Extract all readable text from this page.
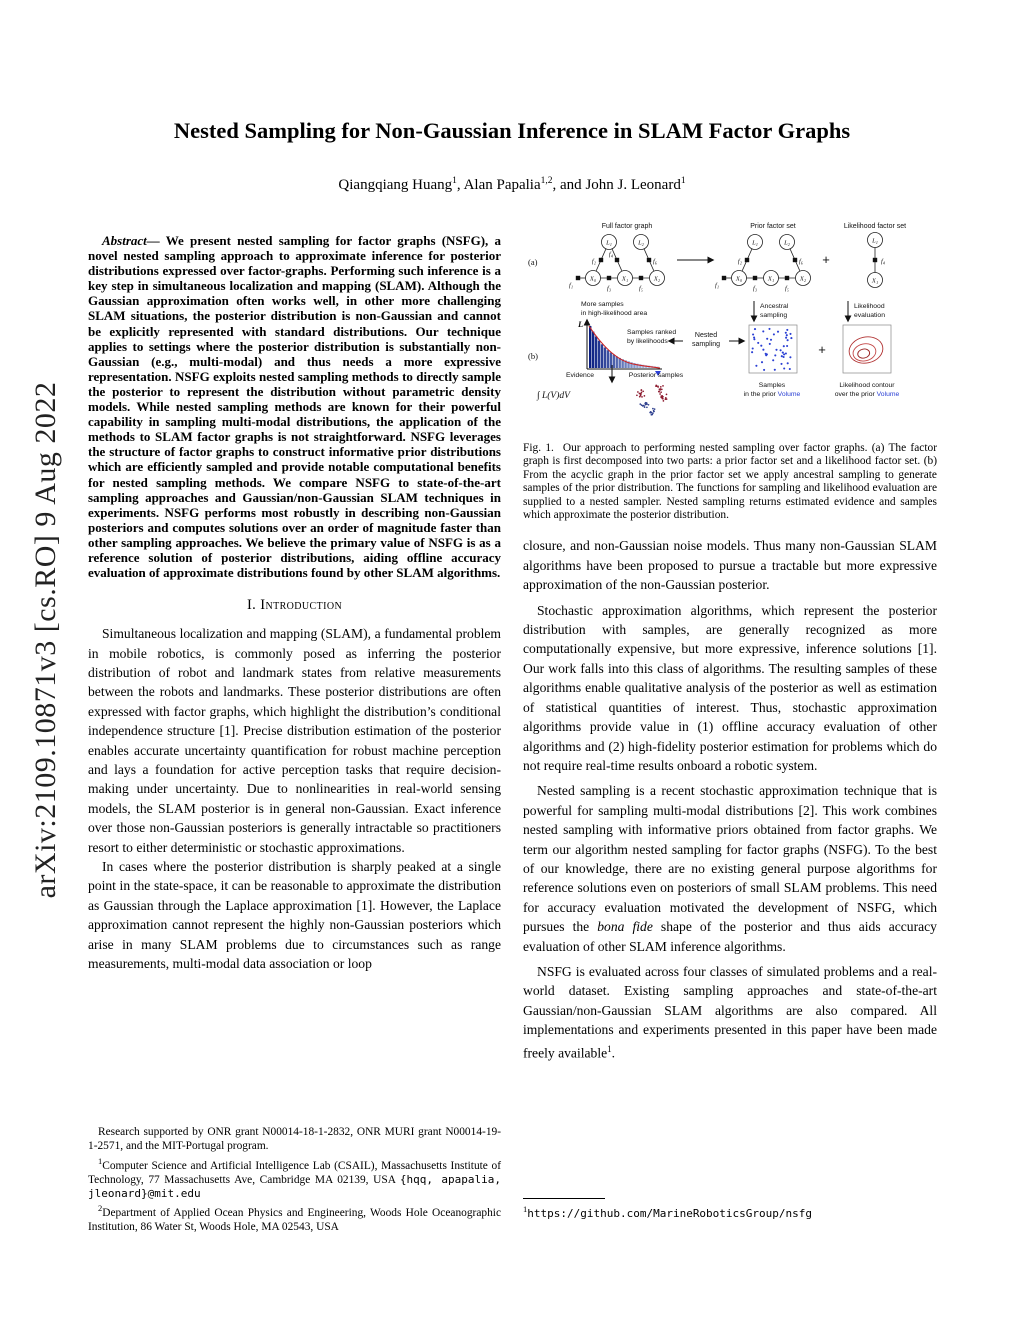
arXiv:2109.10871v3 [cs.RO] 9 Aug 2022
Nested Sampling for Non-Gaussian Inference in SLAM Factor Graphs
Qiangqiang Huang$^1$, Alan Papalia$^{1,2}$, and John J. Leonard$^1$

Abstract— We present nested sampling for factor graphs (NSFG), a novel nested sampling approach to approximate inference for posterior distributions expressed over factor-graphs. Performing such inference is a key step in simultaneous localization and mapping (SLAM). Although the Gaussian approximation often works well, in other more challenging SLAM situations, the posterior distribution is non-Gaussian and cannot be explicitly represented with standard distributions. Our technique applies to settings where the posterior distribution is substantially non-Gaussian (e.g., multi-modal) and thus needs a more expressive representation. NSFG exploits nested sampling methods to directly sample the posterior to represent the distribution without parametric density models. While nested sampling methods are known for their powerful capability in sampling multi-modal distributions, the application of the methods to SLAM factor graphs is not straightforward. NSFG leverages the structure of factor graphs to construct informative prior distributions which are efficiently sampled and provide notable computational benefits for nested sampling methods. We compare NSFG to state-of-the-art sampling approaches and Gaussian/non-Gaussian SLAM techniques in experiments. NSFG performs most robustly in describing non-Gaussian posteriors and computes solutions over an order of magnitude faster than other sampling approaches. We believe the primary value of NSFG is as a reference solution of posterior distributions, aiding offline accuracy evaluation of approximate distributions found by other SLAM algorithms.

I. Introduction

Simultaneous localization and mapping (SLAM), a fundamental problem in mobile robotics, is commonly posed as inferring the posterior distribution of robot and landmark states from relative measurements between the robots and landmarks. These posterior distributions are often expressed with factor graphs, which highlight the distribution’s conditional independence structure [1]. Precise distribution estimation of the posterior enables accurate uncertainty quantification for robust machine perception and lays a foundation for active perception tasks that require decision-making under uncertainty. Due to nonlinearities in real-world sensing models, the SLAM posterior is in general non-Gaussian. Exact inference over those non-Gaussian posteriors is generally intractable so practitioners resort to either deterministic or stochastic approximations.

In cases where the posterior distribution is sharply peaked at a single point in the state-space, it can be reasonable to approximate the distribution as Gaussian through the Laplace approximation [1]. However, the Laplace approximation cannot represent the highly non-Gaussian posteriors which arise in many SLAM problems due to circumstances such as range measurements, multi-modal data association or loop

Research supported by ONR grant N00014-18-1-2832, ONR MURI grant N00014-19-1-2571, and the MIT-Portugal program.

$^1$Computer Science and Artificial Intelligence Lab (CSAIL), Massachusetts Institute of Technology, 77 Massachusetts Ave, Cambridge MA 02139, USA {hqq, apapalia, jleonard}@mit.edu

$^2$Department of Applied Ocean Physics and Engineering, Woods Hole Oceanographic Institution, 86 Water St, Woods Hole, MA 02543, USA

Full factor graph	Prior factor set	Likelihood factor set
(a)
(b)
L₁	L₂
X₀	X₁	X₂
f₂
f₄
f₆
f₁	f₃	f₅
L₁	L₂
X₀	X₁	X₂
f₂	f₆
f₁	f₃	f₅
+
L₁
X₁
f₄
More samples
in high-likelihood area
L
Samples ranked
by likelihoods
Nested
sampling
Ancestral
sampling
+
Likelihood
evaluation
Evidence	Posterior samples
∫ L(V)dV
Samples
in the prior Volume
Likelihood contour
over the prior Volume
Fig. 1. Our approach to performing nested sampling over factor graphs. (a) The factor graph is first decomposed into two parts: a prior factor set and a likelihood factor set. (b) From the acyclic graph in the prior factor set we apply ancestral sampling to generate samples of the prior distribution. The functions for sampling and likelihood evaluation are supplied to a nested sampler. Nested sampling returns estimated evidence and samples which approximate the posterior distribution.

closure, and non-Gaussian noise models. Thus many non-Gaussian SLAM algorithms have been proposed to pursue a tractable but more expressive approximation of the non-Gaussian posterior.

Stochastic approximation algorithms, which represent the posterior distribution with samples, are generally recognized as more computationally expensive, but more expressive, inference solutions [1]. Our work falls into this class of algorithms. The resulting samples of these algorithms enable qualitative analysis of the posterior as well as estimation of statistical quantities of interest. Thus, stochastic approximation algorithms provide value in (1) offline accuracy evaluation of other algorithms and (2) high-fidelity posterior estimation for problems which do not require real-time results onboard a robotic system.

Nested sampling is a recent stochastic approximation technique that is powerful for sampling multi-modal distributions [2]. This work combines nested sampling with informative priors obtained from factor graphs. We term our algorithm nested sampling for factor graphs (NSFG). To the best of our knowledge, there are no existing general purpose algorithms for reference solutions even on posteriors of small SLAM problems. This need for accuracy evaluation motivated the development of NSFG, which pursues the bona fide shape of the posterior and thus aids accuracy evaluation of other SLAM inference algorithms.

NSFG is evaluated across four classes of simulated problems and a real-world dataset. Existing sampling approaches and state-of-the-art Gaussian/non-Gaussian SLAM algorithms are also compared. All implementations and experiments presented in this paper have been made freely available$^1$.

$^1$https://github.com/MarineRoboticsGroup/nsfg
